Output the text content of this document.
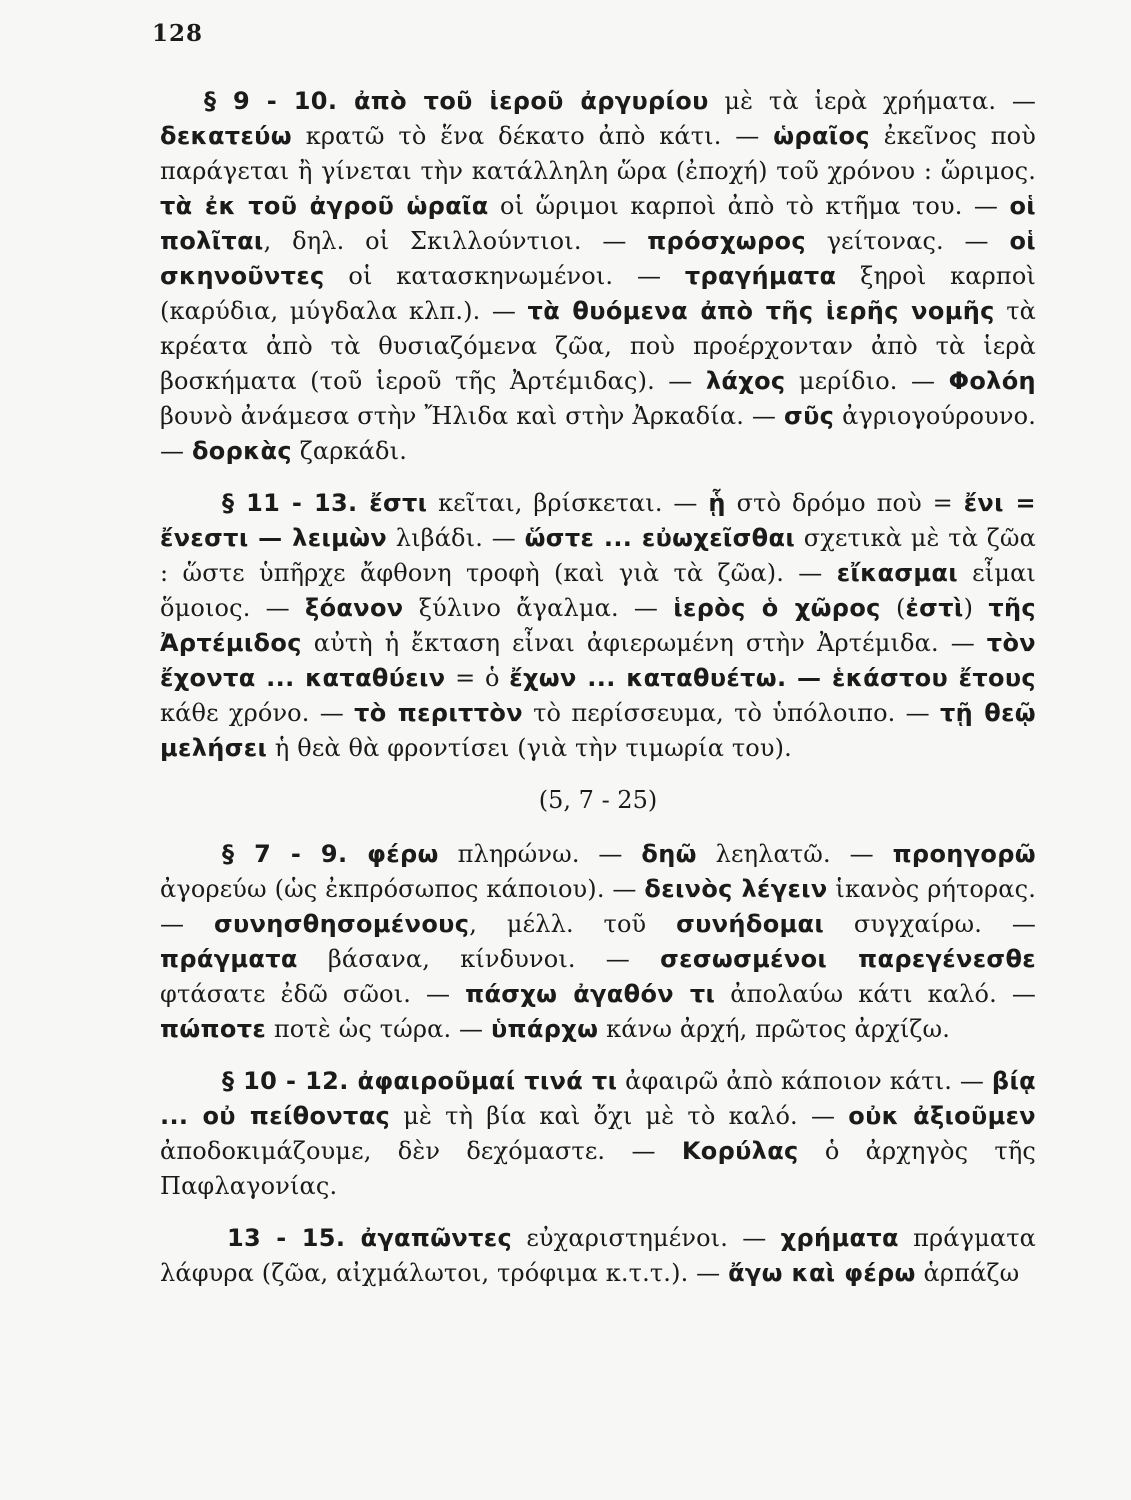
128

§ 9 - 10. ἀπὸ τοῦ ἱεροῦ ἀργυρίου μὲ τὰ ἱερὰ χρήματα. — δεκατεύω κρατῶ τὸ ἕνα δέκατο ἀπὸ κάτι. — ὡραῖος ἐκεῖνος ποὺ παράγεται ἢ γίνεται τὴν κατάλληλη ὥρα (ἐποχή) τοῦ χρόνου : ὥριμος. τὰ ἐκ τοῦ ἀγροῦ ὡραῖα οἱ ὥριμοι καρποὶ ἀπὸ τὸ κτῆμα του. — οἱ πολῖται, δηλ. οἱ Σκιλλούντιοι. — πρόσχωρος γείτονας. — οἱ σκηνοῦντες οἱ κατασκηνωμένοι. — τραγήματα ξηροὶ καρποὶ (καρύδια, μύγδαλα κλπ.). — τὰ θυόμενα ἀπὸ τῆς ἱερῆς νομῆς τὰ κρέατα ἀπὸ τὰ θυσιαζόμενα ζῶα, ποὺ προέρχονταν ἀπὸ τὰ ἱερὰ βοσκήματα (τοῦ ἱεροῦ τῆς Ἀρτέμιδας). — λάχος μερίδιο. — Φολόη βουνὸ ἀνάμεσα στὴν Ἤλιδα καὶ στὴν Ἀρκαδία. — σῦς ἀγριογούρουνο. — δορκὰς ζαρκάδι.

§ 11 - 13. ἔστι κεῖται, βρίσκεται. — ᾗ στὸ δρόμο ποὺ = ἔνι = ἔνεστι — λειμὼν λιβάδι. — ὥστε ... εὐωχεῖσθαι σχετικὰ μὲ τὰ ζῶα : ὥστε ὑπῆρχε ἄφθονη τροφὴ (καὶ γιὰ τὰ ζῶα). — εἴκασμαι εἶμαι ὅμοιος. — ξόανον ξύλινο ἄγαλμα. — ἱερὸς ὁ χῶρος (ἐστὶ) τῆς Ἀρτέμιδος αὐτὴ ἡ ἔκταση εἶναι ἀφιερωμένη στὴν Ἀρτέμιδα. — τὸν ἔχοντα ... καταθύειν = ὁ ἔχων ... καταθυέτω. — ἑκάστου ἔτους κάθε χρόνο. — τὸ περιττὸν τὸ περίσσευμα, τὸ ὑπόλοιπο. — τῇ θεῷ μελήσει ἡ θεὰ θὰ φροντίσει (γιὰ τὴν τιμωρία του).

(5, 7 - 25)

§ 7 - 9. φέρω πληρώνω. — δηῶ λεηλατῶ. — προηγορῶ ἀγορεύω (ὡς ἐκπρόσωπος κάποιου). — δεινὸς λέγειν ἱκανὸς ρήτορας. — συνησθησομένους, μέλλ. τοῦ συνήδομαι συγχαίρω. — πράγματα βάσανα, κίνδυνοι. — σεσωσμένοι παρεγένεσθε φτάσατε ἐδῶ σῶοι. — πάσχω ἀγαθόν τι ἀπολαύω κάτι καλό. — πώποτε ποτὲ ὡς τώρα. — ὑπάρχω κάνω ἀρχή, πρῶτος ἀρχίζω.

§ 10 - 12. ἀφαιροῦμαί τινά τι ἀφαιρῶ ἀπὸ κάποιον κάτι. — βίᾳ ... οὐ πείθοντας μὲ τὴ βία καὶ ὄχι μὲ τὸ καλό. — οὐκ ἀξιοῦμεν ἀποδοκιμάζουμε, δὲν δεχόμαστε. — Κορύλας ὁ ἀρχηγὸς τῆς Παφλαγονίας.

13 - 15. ἀγαπῶντες εὐχαριστημένοι. — χρήματα πράγματα λάφυρα (ζῶα, αἰχμάλωτοι, τρόφιμα κ.τ.τ.). — ἄγω καὶ φέρω ἁρπάζω
